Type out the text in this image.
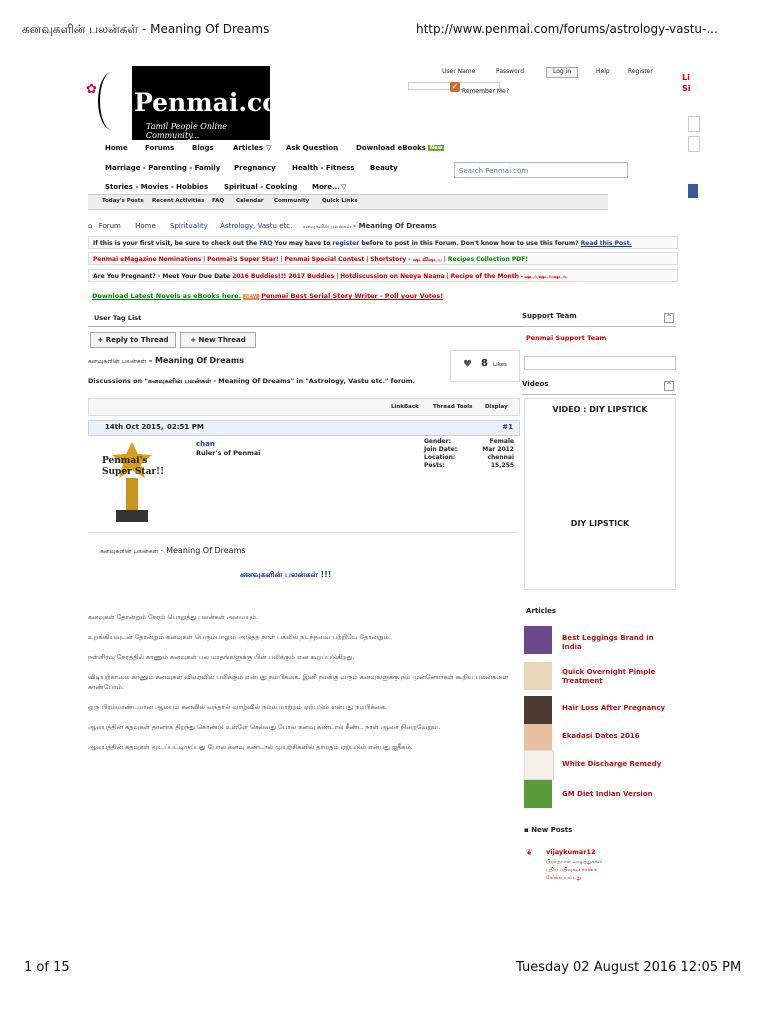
கனவுகளின் பலன்கள் - Meaning Of Dreams	http://www.penmai.com/forums/astrology-vastu-...
✿ Penmai.com
Tamil People Online Community...
User Name	Password	Log in	Help	Register
✓
Remember Me?
Home Forums	Blogs	Articles ▽ Ask Question	Download eBooks New
Marriage - Parenting - Family Pregnancy Health - Fitness Beauty
Stories - Movies - Hobbies Spiritual - Cooking More... ▽
Search Penmai.com
Today's Posts Recent Activities FAQ Calendar Community Quick Links
⌂ Forum Home Spirituality Astrology, Vastu etc. கனவுகளின் பலன்கள் - Meaning Of Dreams
If this is your first visit, be sure to check out the FAQ You may have to register before to post in this Forum. Don't know how to use this forum? Read this Post.
Penmai eMagazine Nominations | Penmai's Super Star! | Penmai Special Contest | Shortstory - ஷடவிஷடய | Recipes Collection PDF!
Are You Pregnant? - Meet Your Due Date 2016 Buddies!!! 2017 Buddies | Hotdiscussion on Neeya Naana | Recipe of the Month - ஷடவஷடவஷடவ
Download Latest Novels as eBooks here. NEW Penmai Best Serial Story Writer - Poll your Votes!
User Tag List
+ Reply to Thread	+ New Thread
கனவுகளின் பலன்கள் - Meaning Of Dreams	♥ 8 Likes
Discussions on "கனவுகளின் பலன்கள் - Meaning Of Dreams" in "Astrology, Vastu etc." forum.
LinkBack	Thread Tools Display
14th Oct 2015, 02:51 PM	#1
Penmai's Super Star!!
chan
Ruler's of Penmai
Gender:	Female
Join Date:	Mar 2012
Location:	chennai
Posts:	15,255
கனவுகளின் பலன்கள் - Meaning Of Dreams
கனவுகளின் பலன்கள் !!!

கனவுகள் தோன்றும் நேரம் பொறுத்து பலன்கள் அமையும்.

உறங்கியவுடன் தோன்றும் கனவுகள் பெரும்பாலும் அடுத்த நாள் பகலில் நடந்தவை பற்றியே தோன்றும்.

நள்ளிரவு நேரத்தில் காணும் கனவுகள் பல மாதங்களுக்கு பின் பலிக்கும் என கூறப்படுகிறது.

விடியற்காலை காணும் கனவுகள் விரைவில் பலிக்கும் என்பது நம்பிக்கை. இனி நமக்கு வரும் கனவுகளுக்கு நம் முன்னோர்கள் கூறிய பலன்களை காண்போம்.

ஒரு பிரம்மாண்டமான ஆலயம் கனவில் வந்தால் வாழ்வில் நல்ல மாற்றம் ஏற்படும் என்பது நம்பிக்கை.

ஆலயத்தின் கதவுகள் தானாக திறந்து கொண்டு உள்ளே செல்வது போல கனவு கண்டால் நீண்ட நாள் ஆசை நிறைவேறும்.

ஆலயத்தின் கதவுகள் மூடப்பட்டிருப்பது போல கனவு கண்டால் முயற்சிகளில் தாமதம் ஏற்படும் என்பது ஐதீகம்.

Support Team	^
Penmai Support Team
Videos	^
VIDEO : DIY LIPSTICK
DIY LIPSTICK
Articles
Best Leggings Brand in India
Quick Overnight Pimple Treatment
Hair Loss After Pregnancy
Ekadasi Dates 2016
White Discharge Remedy
GM Diet Indian Version
▪ New Posts
❦ vijaykumar12
பிறந்தநாள் வாழ்த்துக்கள்
புதிய பதிவுகள் காண்க
சேர்க்கப்பட்டது
Li
Si
1 of 15	Tuesday 02 August 2016 12:05 PM
